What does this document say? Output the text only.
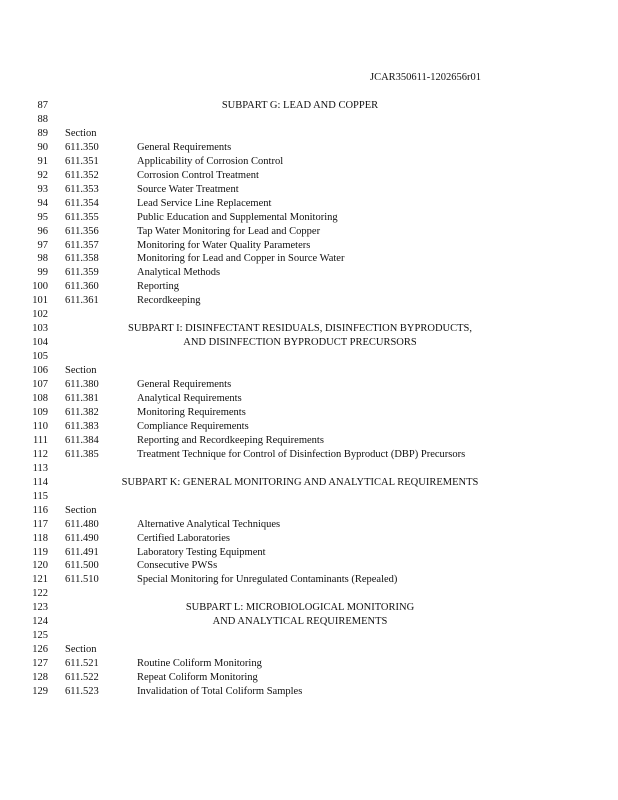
JCAR350611-1202656r01
87	SUBPART G: LEAD AND COPPER
88
89 Section
90 611.350	General Requirements
91 611.351	Applicability of Corrosion Control
92 611.352	Corrosion Control Treatment
93 611.353	Source Water Treatment
94 611.354	Lead Service Line Replacement
95 611.355	Public Education and Supplemental Monitoring
96 611.356	Tap Water Monitoring for Lead and Copper
97 611.357	Monitoring for Water Quality Parameters
98 611.358	Monitoring for Lead and Copper in Source Water
99 611.359	Analytical Methods
100 611.360	Reporting
101 611.361	Recordkeeping
102
103	SUBPART I: DISINFECTANT RESIDUALS, DISINFECTION BYPRODUCTS,
104	AND DISINFECTION BYPRODUCT PRECURSORS
105
106 Section
107 611.380	General Requirements
108 611.381	Analytical Requirements
109 611.382	Monitoring Requirements
110 611.383	Compliance Requirements
111 611.384	Reporting and Recordkeeping Requirements
112 611.385	Treatment Technique for Control of Disinfection Byproduct (DBP) Precursors
113
114	SUBPART K: GENERAL MONITORING AND ANALYTICAL REQUIREMENTS
115
116 Section
117 611.480	Alternative Analytical Techniques
118 611.490	Certified Laboratories
119 611.491	Laboratory Testing Equipment
120 611.500	Consecutive PWSs
121 611.510	Special Monitoring for Unregulated Contaminants (Repealed)
122
123	SUBPART L: MICROBIOLOGICAL MONITORING
124	AND ANALYTICAL REQUIREMENTS
125
126 Section
127 611.521	Routine Coliform Monitoring
128 611.522	Repeat Coliform Monitoring
129 611.523	Invalidation of Total Coliform Samples
